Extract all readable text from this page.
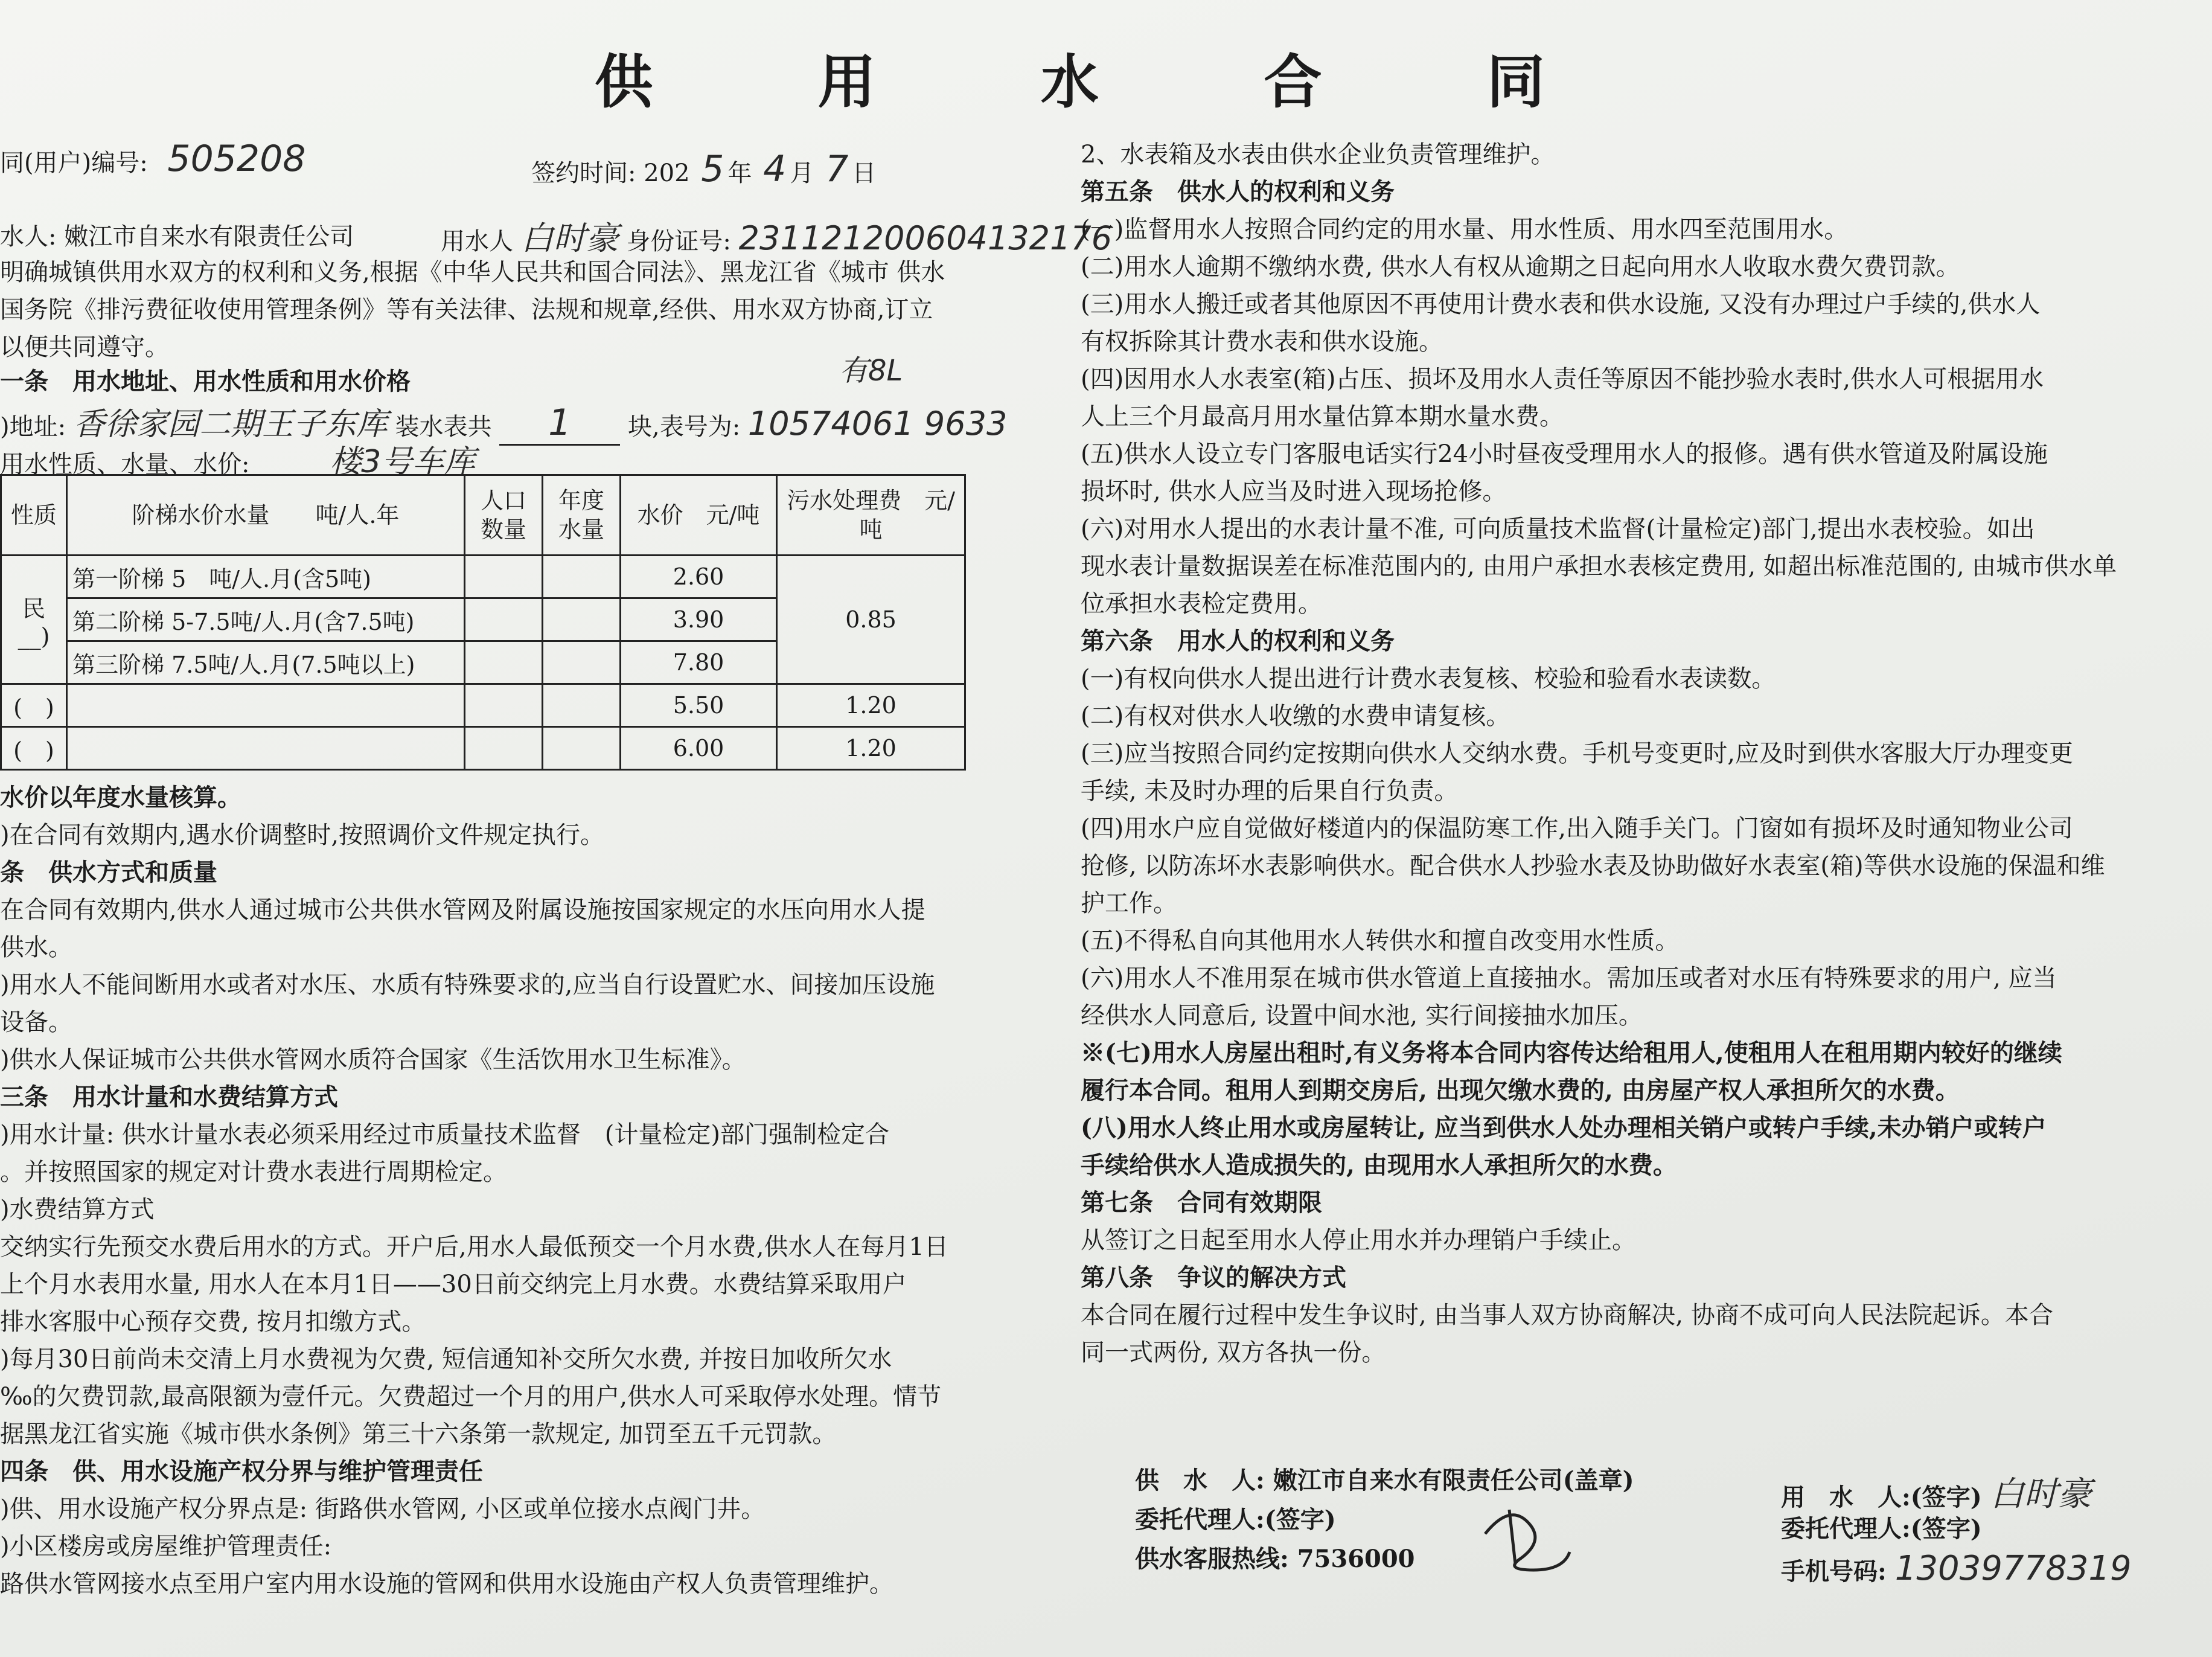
供 用 水 合 同
同(用户)编号: 505208	签约时间: 202 5 年 4 月 7 日
水人: 嫩江市自来水有限责任公司	用水人 白时豪 身份证号: 231121200604132176
明确城镇供用水双方的权利和义务,根据《中华人民共和国合同法》、黑龙江省《城市 供水
国务院《排污费征收使用管理条例》等有关法律、法规和规章,经供、用水双方协商,订立
以便共同遵守。
一条　用水地址、用水性质和用水价格
)地址: 香徐家园二期王子东库 装水表共 1 块,表号为: 10574061 9633
有8L
用水性质、水量、水价:	楼3号车库
性质	阶梯水价水量　　吨/人.年	人口数量	年度水量	水价　元/吨	污水处理费　元/吨
民
__)	第一阶梯 5　吨/人.月(含5吨)			2.60	0.85
	第二阶梯 5-7.5吨/人.月(含7.5吨)			3.90	
	第三阶梯 7.5吨/人.月(7.5吨以上)			7.80	
(　)				5.50	1.20
(　)				6.00	1.20
水价以年度水量核算。
)在合同有效期内,遇水价调整时,按照调价文件规定执行。
条　供水方式和质量
在合同有效期内,供水人通过城市公共供水管网及附属设施按国家规定的水压向用水人提
供水。
)用水人不能间断用水或者对水压、水质有特殊要求的,应当自行设置贮水、间接加压设施
设备。
)供水人保证城市公共供水管网水质符合国家《生活饮用水卫生标准》。
三条　用水计量和水费结算方式
)用水计量: 供水计量水表必须采用经过市质量技术监督　(计量检定)部门强制检定合
。并按照国家的规定对计费水表进行周期检定。
)水费结算方式
交纳实行先预交水费后用水的方式。开户后,用水人最低预交一个月水费,供水人在每月1日
上个月水表用水量, 用水人在本月1日——30日前交纳完上月水费。水费结算采取用户
排水客服中心预存交费, 按月扣缴方式。
)每月30日前尚未交清上月水费视为欠费, 短信通知补交所欠水费, 并按日加收所欠水
‰的欠费罚款,最高限额为壹仟元。欠费超过一个月的用户,供水人可采取停水处理。情节
据黑龙江省实施《城市供水条例》第三十六条第一款规定, 加罚至五千元罚款。
四条　供、用水设施产权分界与维护管理责任
)供、用水设施产权分界点是: 街路供水管网, 小区或单位接水点阀门井。
)小区楼房或房屋维护管理责任:
路供水管网接水点至用户室内用水设施的管网和供用水设施由产权人负责管理维护。
2、水表箱及水表由供水企业负责管理维护。
第五条　供水人的权利和义务
(一)监督用水人按照合同约定的用水量、用水性质、用水四至范围用水。
(二)用水人逾期不缴纳水费, 供水人有权从逾期之日起向用水人收取水费欠费罚款。
(三)用水人搬迁或者其他原因不再使用计费水表和供水设施, 又没有办理过户手续的,供水人
有权拆除其计费水表和供水设施。
(四)因用水人水表室(箱)占压、损坏及用水人责任等原因不能抄验水表时,供水人可根据用水
人上三个月最高月用水量估算本期水量水费。
(五)供水人设立专门客服电话实行24小时昼夜受理用水人的报修。遇有供水管道及附属设施
损坏时, 供水人应当及时进入现场抢修。
(六)对用水人提出的水表计量不准, 可向质量技术监督(计量检定)部门,提出水表校验。如出
现水表计量数据误差在标准范围内的, 由用户承担水表核定费用, 如超出标准范围的, 由城市供水单
位承担水表检定费用。
第六条　用水人的权利和义务
(一)有权向供水人提出进行计费水表复核、校验和验看水表读数。
(二)有权对供水人收缴的水费申请复核。
(三)应当按照合同约定按期向供水人交纳水费。手机号变更时,应及时到供水客服大厅办理变更
手续, 未及时办理的后果自行负责。
(四)用水户应自觉做好楼道内的保温防寒工作,出入随手关门。门窗如有损坏及时通知物业公司
抢修, 以防冻坏水表影响供水。配合供水人抄验水表及协助做好水表室(箱)等供水设施的保温和维
护工作。
(五)不得私自向其他用水人转供水和擅自改变用水性质。
(六)用水人不准用泵在城市供水管道上直接抽水。需加压或者对水压有特殊要求的用户, 应当
经供水人同意后, 设置中间水池, 实行间接抽水加压。
※(七)用水人房屋出租时,有义务将本合同内容传达给租用人,使租用人在租用期内较好的继续
履行本合同。租用人到期交房后, 出现欠缴水费的, 由房屋产权人承担所欠的水费。
(八)用水人终止用水或房屋转让, 应当到供水人处办理相关销户或转户手续,未办销户或转户
手续给供水人造成损失的, 由现用水人承担所欠的水费。
第七条　合同有效期限
从签订之日起至用水人停止用水并办理销户手续止。
第八条　争议的解决方式
本合同在履行过程中发生争议时, 由当事人双方协商解决, 协商不成可向人民法院起诉。本合
同一式两份, 双方各执一份。
供　水　人: 嫩江市自来水有限责任公司(盖章)
委托代理人:(签字)
供水客服热线: 7536000
用　水　人:(签字) 白时豪
委托代理人:(签字)
手机号码: 13039778319
